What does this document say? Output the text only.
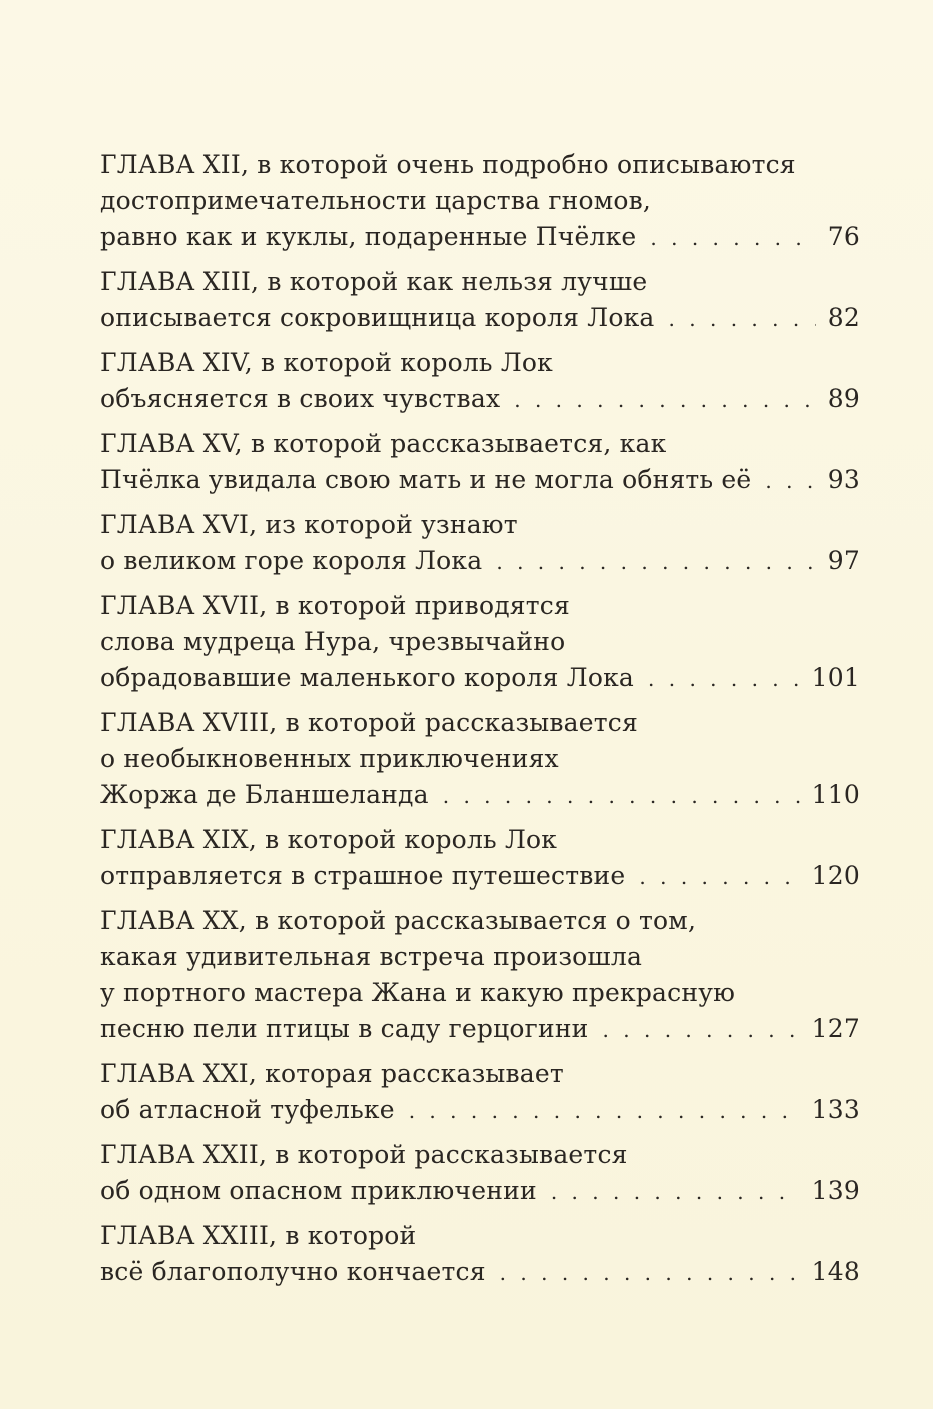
ГЛАВА XII, в которой очень подробно описываются
достопримечательности царства гномов,
равно как и куклы, подаренные Пчёлке . . .	76
ГЛАВА XIII, в которой как нельзя лучше
описывается сокровищница короля Лока . . .	82
ГЛАВА XIV, в которой король Лок
объясняется в своих чувствах . . .	89
ГЛАВА XV, в которой рассказывается, как
Пчёлка увидала свою мать и не могла обнять её . . .	93
ГЛАВА XVI, из которой узнают
о великом горе короля Лока . . .	97
ГЛАВА XVII, в которой приводятся
слова мудреца Нура, чрезвычайно
обрадовавшие маленького короля Лока . . .	101
ГЛАВА XVIII, в которой рассказывается
о необыкновенных приключениях
Жоржа де Бланшеланда . . .	110
ГЛАВА XIX, в которой король Лок
отправляется в страшное путешествие . . .	120
ГЛАВА XX, в которой рассказывается о том,
какая удивительная встреча произошла
у портного мастера Жана и какую прекрасную
песню пели птицы в саду герцогини . . .	127
ГЛАВА XXI, которая рассказывает
об атласной туфельке . . .	133
ГЛАВА XXII, в которой рассказывается
об одном опасном приключении . . .	139
ГЛАВА XXIII, в которой
всё благополучно кончается . . .	148
